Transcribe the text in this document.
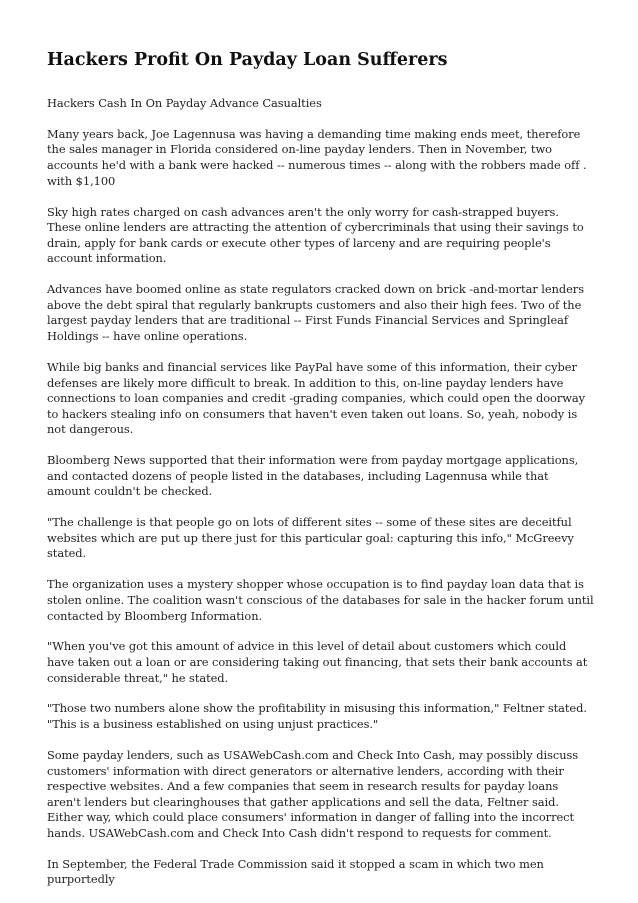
Hackers Profit On Payday Loan Sufferers

Hackers Cash In On Payday Advance Casualties

Many years back, Joe Lagennusa was having a demanding time making ends meet, therefore the sales manager in Florida considered on-line payday lenders. Then in November, two accounts he'd with a bank were hacked -- numerous times -- along with the robbers made off . with $1,100

Sky high rates charged on cash advances aren't the only worry for cash-strapped buyers. These online lenders are attracting the attention of cybercriminals that using their savings to drain, apply for bank cards or execute other types of larceny and are requiring people's account information.

Advances have boomed online as state regulators cracked down on brick -and-mortar lenders above the debt spiral that regularly bankrupts customers and also their high fees. Two of the largest payday lenders that are traditional -- First Funds Financial Services and Springleaf Holdings -- have online operations.

While big banks and financial services like PayPal have some of this information, their cyber defenses are likely more difficult to break. In addition to this, on-line payday lenders have connections to loan companies and credit -grading companies, which could open the doorway to hackers stealing info on consumers that haven't even taken out loans. So, yeah, nobody is not dangerous.

Bloomberg News supported that their information were from payday mortgage applications, and contacted dozens of people listed in the databases, including Lagennusa while that amount couldn't be checked.

"The challenge is that people go on lots of different sites -- some of these sites are deceitful websites which are put up there just for this particular goal: capturing this info," McGreevy stated.

The organization uses a mystery shopper whose occupation is to find payday loan data that is stolen online. The coalition wasn't conscious of the databases for sale in the hacker forum until contacted by Bloomberg Information.

"When you've got this amount of advice in this level of detail about customers which could have taken out a loan or are considering taking out financing, that sets their bank accounts at considerable threat," he stated.

"Those two numbers alone show the profitability in misusing this information," Feltner stated. "This is a business established on using unjust practices."

Some payday lenders, such as USAWebCash.com and Check Into Cash, may possibly discuss customers' information with direct generators or alternative lenders, according with their respective websites. And a few companies that seem in research results for payday loans aren't lenders but clearinghouses that gather applications and sell the data, Feltner said. Either way, which could place consumers' information in danger of falling into the incorrect hands. USAWebCash.com and Check Into Cash didn't respond to requests for comment.

In September, the Federal Trade Commission said it stopped a scam in which two men purportedly
